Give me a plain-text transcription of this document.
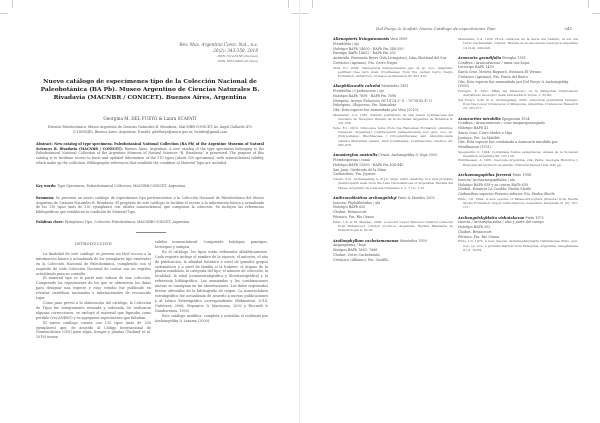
Rev. Mus. Argentino Cienc. Nat., n.s.
20(2): 343-358, 2018
ISSN 1514-5158 (impresa)
ISSN 1853-0400 (en línea)
Nuevo catálogo de especímenes tipo de la Colección Nacional de Paleobotánica (BA Pb). Museo Argentino de Ciencias Naturales B. Rivadavia (MACNBR / CONICET). Buenos Aires, Argentina
Georgina M. DEL FUEYO & Laura SCAFATI
División Paleobotánica, Museo Argentino de Ciencias Naturales B. Rivadavia, MACNBR-CONICET. Av. Ángel Gallardo 470 (C1405DJR), Buenos Aires, Argentina. E-mails: gdelfueyo@macn.gov.ar; lscafati@gmail.com
Abstract: New catalog of type specimens. Paleobotanical National Collection (BA Pb) of the Argentine Museum of Natural Sciences B. Rivadavia (MACNBR / CONICET). Buenos Aires, Argentina. A new catalog of the type specimens belonging to the Paleobotanical National Collection of the Argentine Museum of Natural Sciences "B. Rivadavia" is presented. The purpose of this catalog is to facilitate access to basic and updated information of the 110 types (about 330 specimens), with nomenclatural validity, which make up the collection. Bibliographic references that establish the condition of Material Type are included.
Key words: Type Specimens, Palaeobotanical Collection, MACNBR-CONICET, Argentina.
Resumen: Se presenta un nuevo catálogo de especímenes tipo pertenecientes a la Colección Nacional de Paleobotánica del Museo Argentino de Ciencias Naturales B. Rivadavia. El propósito de este catálogo es facilitar el acceso a la información básica y actualizada de los 110 tipos (más de 330 ejemplares) con validez nomenclatural, que componen la colección. Se incluyen las referencias bibliográficas que establecen la condición de Material Tipo.
Palabras clave: Ejemplares Tipo, Colección Paleobotánica, MACNBR-CONICET, Argentina.
INTRODUCCIÓN

La finalidad de este catálogo es proveer un fácil acceso a la información básica y actualizada de los ejemplares tipo existentes en la Colección Nacional de Paleobotánica, cumpliendo con el requisito de toda Colección Nacional de contar con un registro actualizado para su consulta.

El material tipo es la parte más valiosa de una colección. Comprende los especímenes de los que se obtuvieron los datos para designar una especie y cuyo estudio fue publicado en revistas científicas nacionales e internacionales de reconocido rigor.

Como paso previo a la elaboración del catálogo, la Colección de Tipos fue íntegramente revisada y ordenada. Se realizaron algunas correcciones, se excluyó el material que figuraba como perdido (ver ANEXO) y se agregaron especímenes que faltaban.

El nuevo catálogo cuenta con 110 tipos (más de 330 ejemplares) que, de acuerdo al Código Internacional de Nomenclatura (CIN) para algas, hongos y plantas (Turland et al. 2018) tienen

validez nomenclatural. Comprende holotipos, paratipos, lectotipos y sintipos.

En el catálogo, los tipos están ordenados alfabéticamente. Cada registro incluye el nombre de la especie, el autor/es, el año de publicación, la afinidad botánica a nivel de grandes grupos sistemáticos y a nivel de familia si la hubiere, el órgano de la planta estudiado, la categoría del tipo, el número de colección, la localidad, la edad (cronoestratigráfica y litoestratigráfica) y la referencia bibliográfica. Las enmiendas y las combinaciones nuevas se consignan en las observaciones. Los datos registrados fueron obtenidos de la bibliografía de origen. La nomenclatura estratigráfica fue actualizada de acuerdo a nuevas publicaciones y al Léxico Estratigráfico correspondiente (Rubinstein, 2014; Gutiérrez, 2006; Stipanicic & Marsicano, 2002 y Riccardi & Damborenea, 1993).

Este catálogo modifica, completa y actualiza el realizado por Archangelsky & Lezama (2000).

Del Fueyo & Scafati: Nuevo Catálogo de especímenes Tipo	345
Alienopteris livingstonensis Vera 2009
Pteridófita / eje
Holotipo BAPb 14650 - BAPb Pm 548-550
Paratipo BAPb 14652 - BAPb Pm 552
Antártida, Península Byers (Isla Livingston), Islas Shetland del Sur
Cretácico (Aptiano), Fm. Cerro Negro
Vera, E.I. 2009. Alienopteris livingstonensis gen. et sp. nov., enigmatic petrified tree fern stem (Cyatheales) from the Aptian Cerro Negro Formation, Antarctica. Cretaceous Research 30: 401-410.
Alsophilocaulis calveloi Menéndez 1961
Pteridófita / Cyatheaceae / eje
Holotipo BAPb 7698 - BAPb Pm 7698
Neuquén, Arroyo Pichaicón 38°14'24.3" S – 70°58'42.4" O
Paleógeno, Oligoceno, Fm. Rancahué
Obs: Esta especie fue enmendada por Vera (2010).
Menéndez, C.A. 1961. Estípite petrificado de una nueva Cyatheaceae del Terciario de Neuquén. Boletín de la Sociedad Argentina de Botánica 9: 331-338.
Vera, E.I. 2010. Oligocene ferns from the Rancahué Formation (Aluminé, Neuquén, Argentina): Cyatheopteris patagonicensis nov. gen., nov. sp. (Polypodiales: Blechnaceae / Dryopteridaceae) and Alsophilocaulis calveloi Menéndez emend. Vera (Cyatheales: Cyatheaceae). Geobios 43: 465-478.
Amosioxylon australis Césari, Archangelsky & Vega 2005
Pteridosperma / rama
Holotipo BAPb 12650 - BAPb Pm 438-440
San Juan, Quebrada de la Mina
Carbonífero, Fm. Jejenes
Césari, S.N., Archangelsky, S. & J.C. Vega. 2005. Anatomy of a new probable pteridosperm stem from the Late Carboniferous of Argentina. Revista del Museo Argentino de Ciencias Naturales n. s. 7 (1): 7-13.
Anthracoblattina archangelskyi Pinto & Mendes 2002
Insecta/ Phyloblattidae / ala
Holotipo BAPb 620
Chubut, Betancourt
Pérmico, Fm. Río Genoa
Pinto, I.D. & M. Mendes. 2002. A second Upper Paleozoic blattoid (Insecta) from Betancourt, Chubut province, Argentina. Revista Brasileira de Paleontologia 4: 45-50.
Araliaephyllum cachetamanense Menéndez 1959
Angiosperma / hoja
Sintipos BAPb 7663, 7666
Chubut, Cerro Cachetamán
Cretácico (Albiano), Fm. Castillo
Menéndez, C.A. 1959. Flora cretácica de la Serie del Castillo, al sur del Cerro Cachetamán. Chubut. Revista de la Asociación Geológica Argentina 14 (3-4): 229-248.
Araucaria grandifolia Feruglio 1951
Conífera / Araucariaceae / rama con hojas
Lectotipo BAPb 1455
Santa Cruz, Meseta Baqueró, Estancia El Verano
Cretácico (Aptiano), Fm. Punta del Barco
Obs: Esta especie fue enmendada por Del Fueyo & Archangelsky (2002).
Feruglio, E. 1951. Piñas del Mesozoico de la Patagonia. Publicazioni dell'Istituto Geologico della Università di Torino 1: 35-80.
Del Fueyo, G.M. & A. Archangelsky. 2002. Araucaria grandifolia Feruglio from the Lower Cretaceous of Patagonia, Argentina. Cretaceous Research 23: 265-277.
Araucarites mirabilis Spegazzini 1924
Conífera / Araucariaceae / cono megaesporangiado
Holotipo BAPb 41
Santa Cruz, Cerro Madre e Hija
Jurásico, Fm. La Matilde
Obs: Esta especie fue combinada a Araucaria mirabilis por Windhausen (1931).
Spegazzini, C. 1924. Coniferales fósiles patagónicas. Anales de la Sociedad Científica Argentina 98: 125-139.
Windhausen, A. 1931. Geología Argentina. 2da. Parte. Geología Histórica y Regional del territorio argentino. Editorial Peuser Ltda. 645 pp.
Archaemegaptilus ferreroi Pinto 1994
Insecta/ Archaemegaptilidae / ala
Holotipo BAPb 638 y su contra BAPb 639
Chubut, Estancia La Casilda, Piedra Shotle
Carbonífero superior-Pérmico inferior, Fm. Piedra Shotle
Pinto, I.D. 1994. A new species of Palaeodictyoptera (Insecta) from Piedra Shotle Formation, Upper Carboniferous, Argentina. Pesquisas 21 (2): 107-111.
Archangelskyblatta vishniakovae Pinto 1972
Insecta / Archimylacridae / alas y parte del cuerpo
Holotipo BAPb 502
Chubut, Betancourt
Pérmico, Fm. Río Genoa
Pinto, I.D. 1972. A new insecta, Archangelskyblatta vishniakovae Pinto, gen. nov., sp. nov., a permian blattoid from Patagonia, Argentina. Ameghiniana 9 (1): 79-89.
